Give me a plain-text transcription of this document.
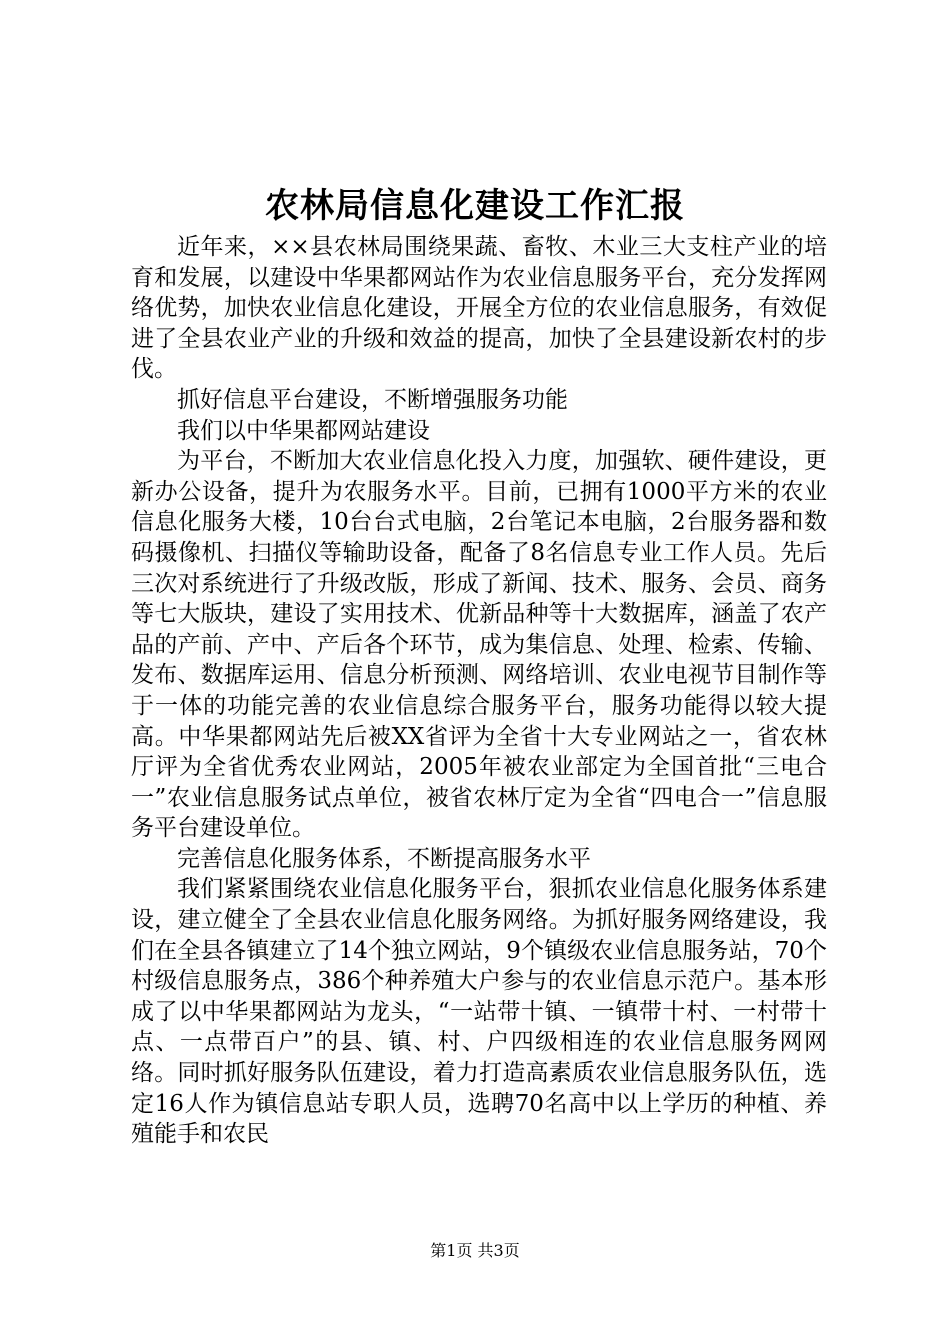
农林局信息化建设工作汇报

近年来，××县农林局围绕果蔬、畜牧、木业三大支柱产业的培育和发展，以建设中华果都网站作为农业信息服务平台，充分发挥网络优势，加快农业信息化建设，开展全方位的农业信息服务，有效促进了全县农业产业的升级和效益的提高，加快了全县建设新农村的步伐。

抓好信息平台建设，不断增强服务功能

我们以中华果都网站建设

为平台，不断加大农业信息化投入力度，加强软、硬件建设，更新办公设备，提升为农服务水平。目前，已拥有1000平方米的农业信息化服务大楼，10台台式电脑，2台笔记本电脑，2台服务器和数码摄像机、扫描仪等输助设备，配备了8名信息专业工作人员。先后三次对系统进行了升级改版，形成了新闻、技术、服务、会员、商务等七大版块，建设了实用技术、优新品种等十大数据库，涵盖了农产品的产前、产中、产后各个环节，成为集信息、处理、检索、传输、发布、数据库运用、信息分析预测、网络培训、农业电视节目制作等于一体的功能完善的农业信息综合服务平台，服务功能得以较大提高。中华果都网站先后被XX省评为全省十大专业网站之一，省农林厅评为全省优秀农业网站，2005年被农业部定为全国首批“三电合一”农业信息服务试点单位，被省农林厅定为全省“四电合一”信息服务平台建设单位。

完善信息化服务体系，不断提高服务水平

我们紧紧围绕农业信息化服务平台，狠抓农业信息化服务体系建设，建立健全了全县农业信息化服务网络。为抓好服务网络建设，我们在全县各镇建立了14个独立网站，9个镇级农业信息服务站，70个村级信息服务点，386个种养殖大户参与的农业信息示范户。基本形成了以中华果都网站为龙头，“一站带十镇、一镇带十村、一村带十点、一点带百户”的县、镇、村、户四级相连的农业信息服务网网络。同时抓好服务队伍建设，着力打造高素质农业信息服务队伍，选定16人作为镇信息站专职人员，选聘70名高中以上学历的种植、养殖能手和农民

第1页 共3页
